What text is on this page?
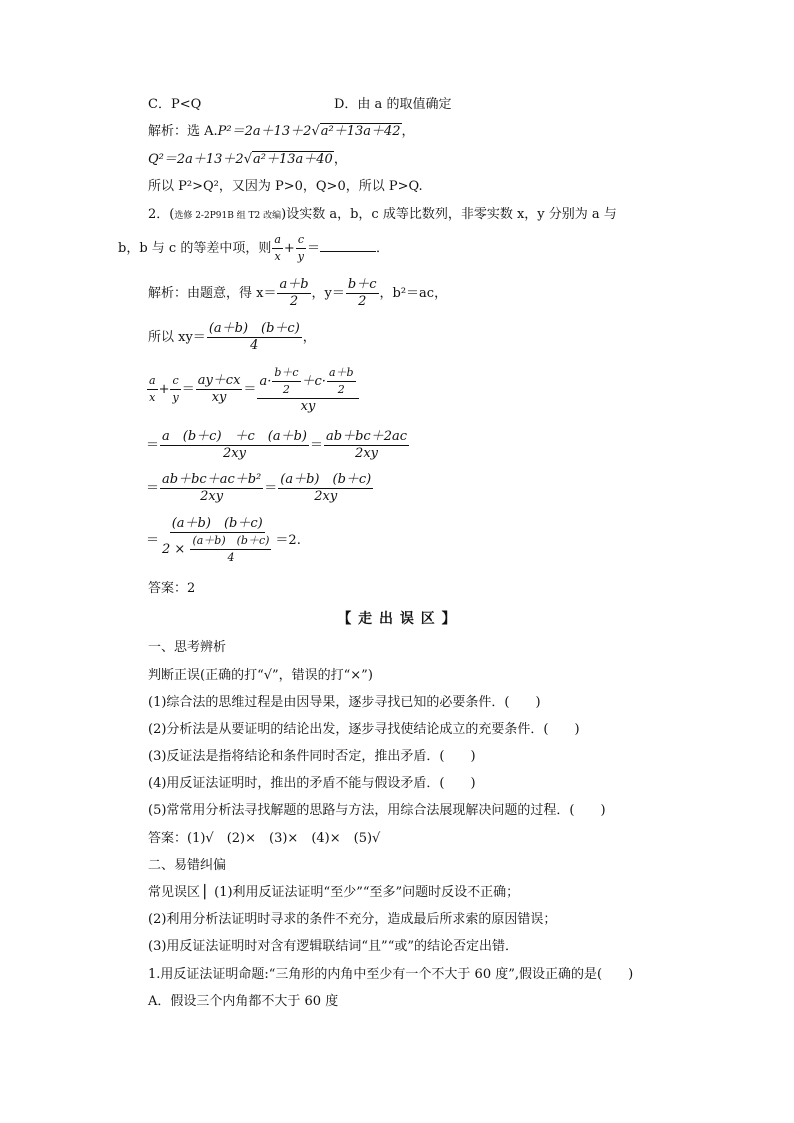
C．P<Q	D．由 a 的取值确定
解析：选 A.P²＝2a＋13＋2√a²＋13a＋42，
Q²＝2a＋13＋2√a²＋13a＋40，
所以 P²>Q²，又因为 P>0，Q>0，所以 P>Q.
2．(选修 2-2P91B 组 T2 改编)设实数 a，b，c 成等比数列，非零实数 x，y 分别为 a 与
b，b 与 c 的等差中项，则 $\frac{a}{x} + \frac{c}{y}$ ＝	．
解析：由题意，得 $x= \frac{a+b}{2}$ ，$y= \frac{b+c}{2}$ ，b²＝ac，
所以 $xy= \frac{(a+b) (b+c)}{4}$ ，
$\frac{a}{x} + \frac{c}{y} = \frac{ay+cx}{xy} = \frac{a\cdot \frac{b+c}{2} +c\cdot \frac{a+b}{2}}{xy}$
＝ $\frac{a (b+c) +c (a+b)}{2xy} = \frac{ab+bc+2ac}{2xy}$
＝ $\frac{\text{ab＋bc＋ac＋b²}}{2xy} = \frac{(a+b) (b+c)}{2xy}$
＝ $\frac{(a+b) (b+c)}{2 \times \frac{(a+b) (b+c)}{4}} =2$.
答案：2
【 走 出 误 区 】
一、思考辨析
判断正误(正确的打“√”，错误的打“×”)
(1)综合法的思维过程是由因导果，逐步寻找已知的必要条件．(　　)
(2)分析法是从要证明的结论出发，逐步寻找使结论成立的充要条件．(　　)
(3)反证法是指将结论和条件同时否定，推出矛盾．(　　)
(4)用反证法证明时，推出的矛盾不能与假设矛盾．(　　)
(5)常常用分析法寻找解题的思路与方法，用综合法展现解决问题的过程．(　　)
答案：(1)√　(2)×　(3)×　(4)×　(5)√
二、易错纠偏
常见误区 ▏(1)利用反证法证明“至少”“至多”问题时反设不正确；
(2)利用分析法证明时寻求的条件不充分，造成最后所求索的原因错误；
(3)用反证法证明时对含有逻辑联结词“且”“或”的结论否定出错．
1.用反证法证明命题:“三角形的内角中至少有一个不大于 60 度”,假设正确的是(　　)
A．假设三个内角都不大于 60 度
